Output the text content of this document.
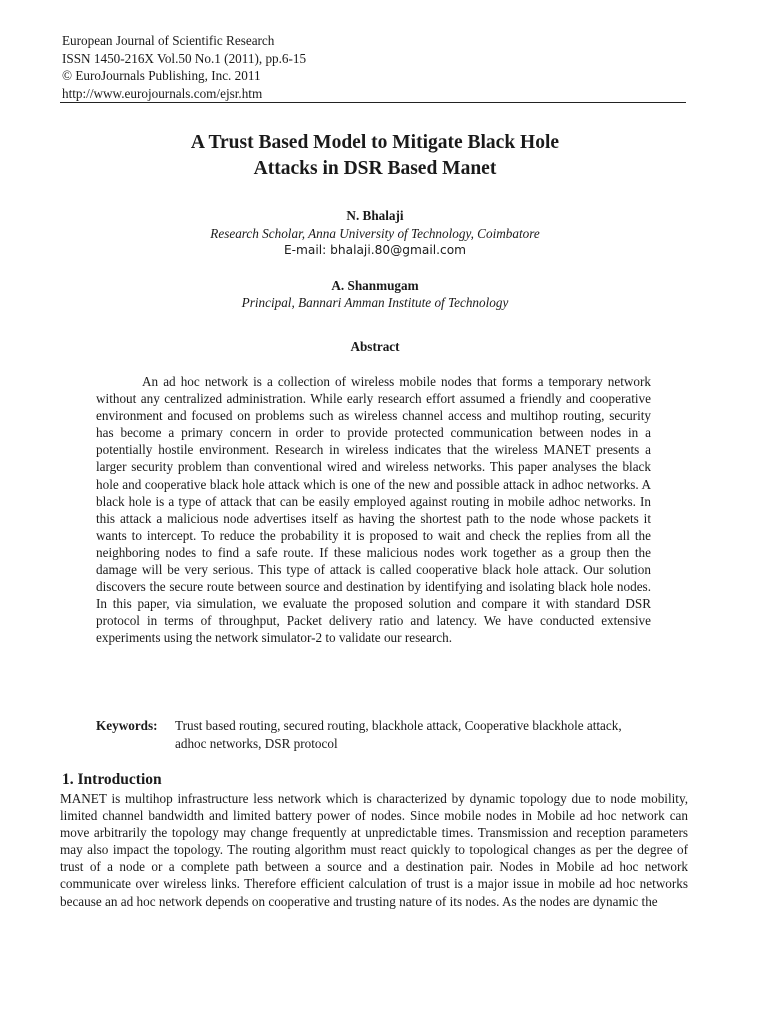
European Journal of Scientific Research
ISSN 1450-216X Vol.50 No.1 (2011), pp.6-15
© EuroJournals Publishing, Inc. 2011
http://www.eurojournals.com/ejsr.htm
A Trust Based Model to Mitigate Black Hole
Attacks in DSR Based Manet
N. Bhalaji
Research Scholar, Anna University of Technology, Coimbatore
E-mail: bhalaji.80@gmail.com
A. Shanmugam
Principal, Bannari Amman Institute of Technology
Abstract
An ad hoc network is a collection of wireless mobile nodes that forms a temporary network without any centralized administration. While early research effort assumed a friendly and cooperative environment and focused on problems such as wireless channel access and multihop routing, security has become a primary concern in order to provide protected communication between nodes in a potentially hostile environment. Research in wireless indicates that the wireless MANET presents a larger security problem than conventional wired and wireless networks. This paper analyses the black hole and cooperative black hole attack which is one of the new and possible attack in adhoc networks. A black hole is a type of attack that can be easily employed against routing in mobile adhoc networks. In this attack a malicious node advertises itself as having the shortest path to the node whose packets it wants to intercept. To reduce the probability it is proposed to wait and check the replies from all the neighboring nodes to find a safe route. If these malicious nodes work together as a group then the damage will be very serious. This type of attack is called cooperative black hole attack. Our solution discovers the secure route between source and destination by identifying and isolating black hole nodes. In this paper, via simulation, we evaluate the proposed solution and compare it with standard DSR protocol in terms of throughput, Packet delivery ratio and latency. We have conducted extensive experiments using the network simulator-2 to validate our research.
Keywords: Trust based routing, secured routing, blackhole attack, Cooperative blackhole attack, adhoc networks, DSR protocol
1. Introduction
MANET is multihop infrastructure less network which is characterized by dynamic topology due to node mobility, limited channel bandwidth and limited battery power of nodes. Since mobile nodes in Mobile ad hoc network can move arbitrarily the topology may change frequently at unpredictable times. Transmission and reception parameters may also impact the topology. The routing algorithm must react quickly to topological changes as per the degree of trust of a node or a complete path between a source and a destination pair. Nodes in Mobile ad hoc network communicate over wireless links. Therefore efficient calculation of trust is a major issue in mobile ad hoc networks because an ad hoc network depends on cooperative and trusting nature of its nodes. As the nodes are dynamic the
